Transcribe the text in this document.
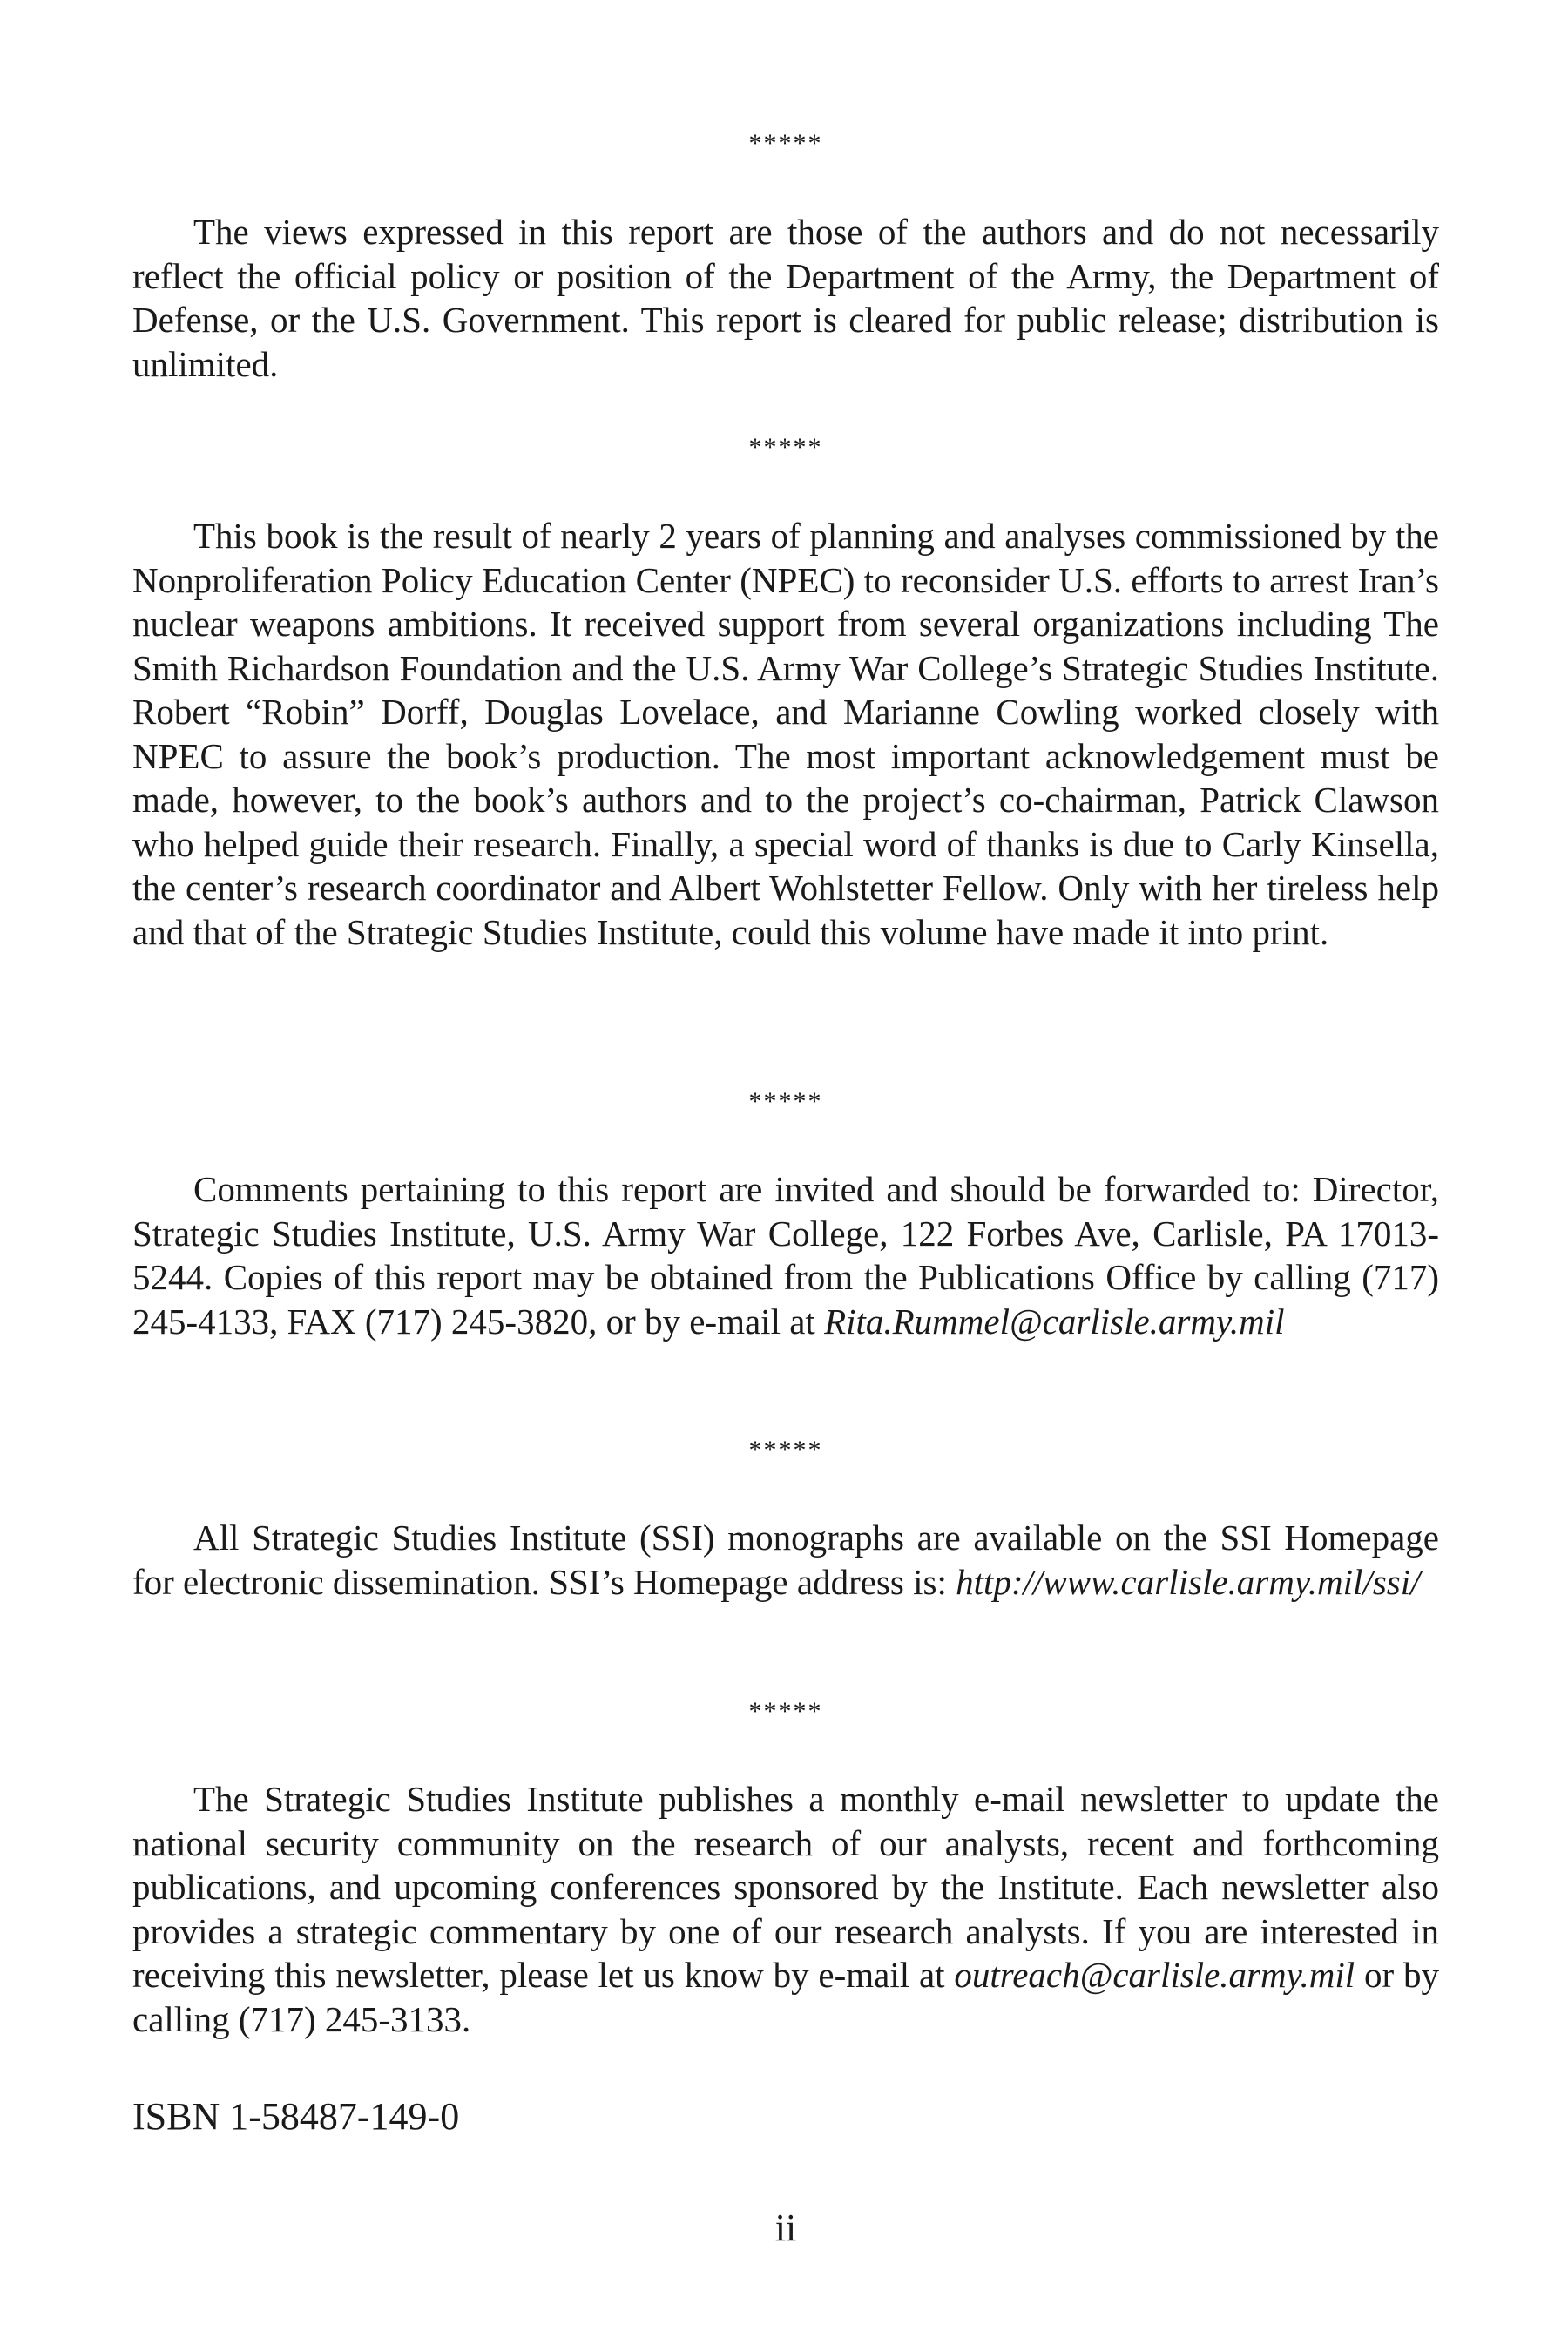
*****

The views expressed in this report are those of the authors and do not necessarily reflect the official policy or position of the Department of the Army, the Department of Defense, or the U.S. Government. This report is cleared for public release; distribution is unlimited.

*****

This book is the result of nearly 2 years of planning and analyses commissioned by the Nonproliferation Policy Education Center (NPEC) to reconsider U.S. efforts to arrest Iran’s nuclear weapons ambitions. It received support from several organizations including The Smith Richardson Foundation and the U.S. Army War College’s Strategic Studies Institute. Robert “Robin” Dorff, Douglas Lovelace, and Marianne Cowling worked closely with NPEC to assure the book’s production. The most important acknowledgement must be made, however, to the book’s authors and to the project’s co-chairman, Patrick Clawson who helped guide their research. Finally, a special word of thanks is due to Carly Kinsella, the center’s research coordinator and Albert Wohlstetter Fellow. Only with her tireless help and that of the Strategic Studies Institute, could this volume have made it into print.

*****

Comments pertaining to this report are invited and should be forwarded to: Director, Strategic Studies Institute, U.S. Army War College, 122 Forbes Ave, Carlisle, PA 17013-5244. Copies of this report may be obtained from the Publications Office by calling (717) 245-4133, FAX (717) 245-3820, or by e-mail at Rita.Rummel@carlisle.army.mil

*****

All Strategic Studies Institute (SSI) monographs are available on the SSI Homepage for electronic dissemination. SSI’s Homepage address is: http://www.carlisle.army.mil/ssi/

*****

The Strategic Studies Institute publishes a monthly e-mail newsletter to update the national security community on the research of our analysts, recent and forthcoming publications, and upcoming conferences sponsored by the Institute. Each newsletter also provides a strategic commentary by one of our research analysts. If you are interested in receiving this newsletter, please let us know by e-mail at outreach@carlisle.army.mil or by calling (717) 245-3133.

ISBN 1-58487-149-0

ii
